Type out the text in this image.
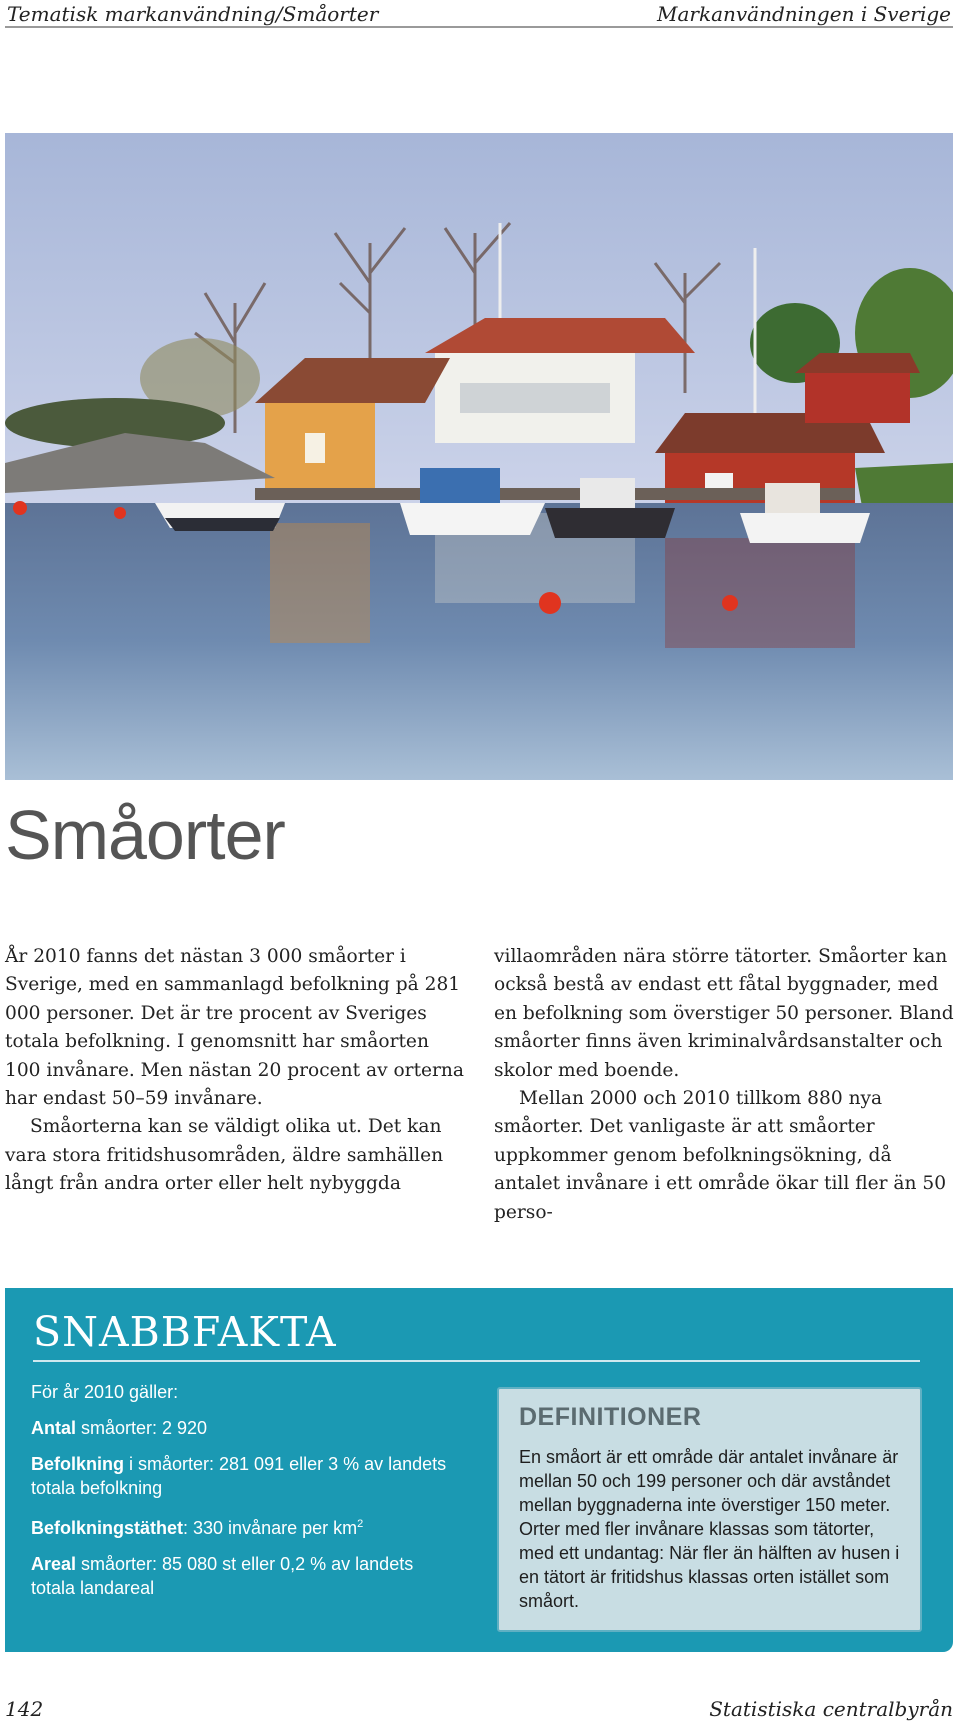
Tematisk markanvändning/Småorter	Markanvändningen i Sverige
Småorter

År 2010 fanns det nästan 3 000 småorter i Sverige, med en sammanlagd befolkning på 281 000 personer. Det är tre procent av Sveriges totala befolkning. I genomsnitt har småorten 100 invånare. Men nästan 20 procent av orterna har endast 50–59 invånare.

Småorterna kan se väldigt olika ut. Det kan vara stora fritidshusområden, äldre samhällen långt från andra orter eller helt nybyggda

villaområden nära större tätorter. Småorter kan också bestå av endast ett fåtal byggnader, med en befolkning som överstiger 50 personer. Bland småorter finns även kriminalvårdsanstalter och skolor med boende.

Mellan 2000 och 2010 tillkom 880 nya småorter. Det vanligaste är att småorter uppkommer genom befolkningsökning, då antalet invånare i ett område ökar till fler än 50 perso-

SNABBFAKTA
För år 2010 gäller:
Antal småorter: 2 920
Befolkning i småorter: 281 091 eller 3 % av landets totala befolkning
Befolkningstäthet: 330 invånare per $km^2$
Areal småorter: 85 080 st eller 0,2 % av landets totala landareal
DEFINITIONER
En småort är ett område där antalet invånare är mellan 50 och 199 personer och där avståndet mellan byggnaderna inte överstiger 150 meter. Orter med fler invånare klassas som tätorter, med ett undantag: När fler än hälften av husen i en tätort är fritidshus klassas orten istället som småort.
142	Statistiska centralbyrån
